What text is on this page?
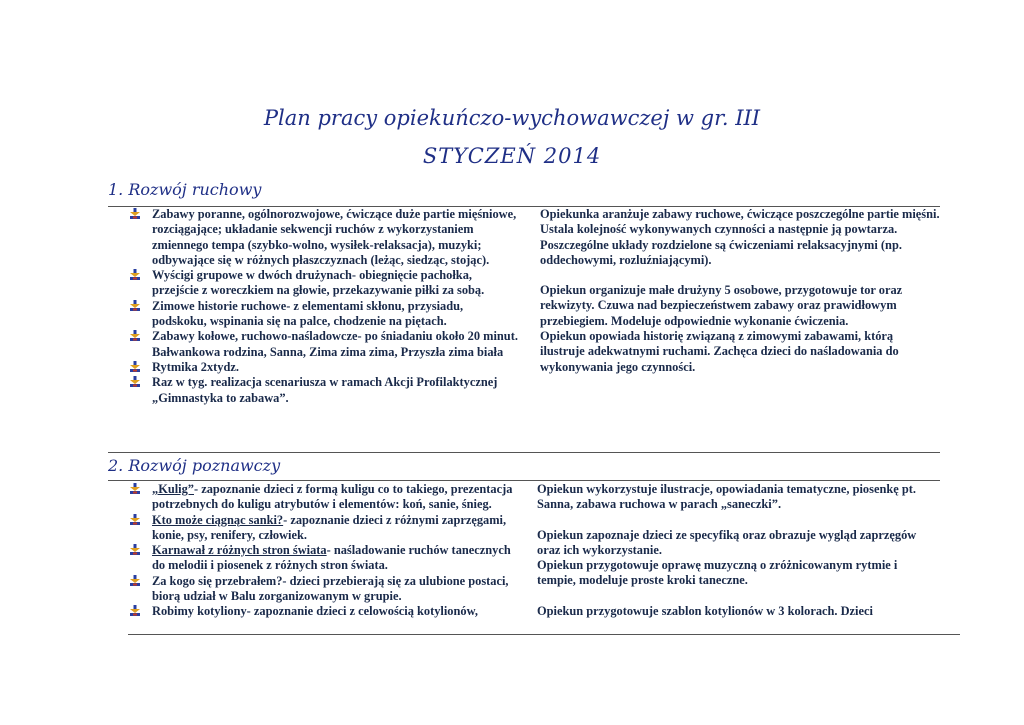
Plan pracy opiekuńczo-wychowawczej w gr. III
STYCZEŃ 2014
1. Rozwój ruchowy
Zabawy poranne, ogólnorozwojowe, ćwiczące duże partie mięśniowe, rozciągające; układanie sekwencji ruchów z wykorzystaniem zmiennego tempa (szybko-wolno, wysiłek-relaksacja), muzyki; odbywające się w różnych płaszczyznach (leżąc, siedząc, stojąc).
Wyścigi grupowe w dwóch drużynach- obiegnięcie pachołka, przejście z woreczkiem na głowie, przekazywanie piłki za sobą.
Zimowe historie ruchowe- z elementami skłonu, przysiadu, podskoku, wspinania się na palce, chodzenie na piętach.
Zabawy kołowe, ruchowo-naśladowcze- po śniadaniu około 20 minut. Bałwankowa rodzina, Sanna, Zima zima zima, Przyszła zima biała
Rytmika 2xtydz.
Raz w tyg. realizacja scenariusza w ramach Akcji Profilaktycznej „Gimnastyka to zabawa”.

Opiekunka aranżuje zabawy ruchowe, ćwiczące poszczególne partie mięśni. Ustala kolejność wykonywanych czynności a następnie ją powtarza. Poszczególne układy rozdzielone są ćwiczeniami relaksacyjnymi (np. oddechowymi, rozluźniającymi).

Opiekun organizuje małe drużyny 5 osobowe, przygotowuje tor oraz rekwizyty. Czuwa nad bezpieczeństwem zabawy oraz prawidłowym przebiegiem. Modeluje odpowiednie wykonanie ćwiczenia.

Opiekun opowiada historię związaną z zimowymi zabawami, którą ilustruje adekwatnymi ruchami. Zachęca dzieci do naśladowania do wykonywania jego czynności.

2. Rozwój poznawczy
„Kulig”- zapoznanie dzieci z formą kuligu co to takiego, prezentacja potrzebnych do kuligu atrybutów i elementów: koń, sanie, śnieg.
Kto może ciągnąc sanki?- zapoznanie dzieci z różnymi zaprzęgami, konie, psy, renifery, człowiek.
Karnawał z różnych stron świata- naśladowanie ruchów tanecznych do melodii i piosenek z różnych stron świata.
Za kogo się przebrałem?- dzieci przebierają się za ulubione postaci, biorą udział w Balu zorganizowanym w grupie.
Robimy kotyliony- zapoznanie dzieci z celowością kotylionów,

Opiekun wykorzystuje ilustracje, opowiadania tematyczne, piosenkę pt. Sanna, zabawa ruchowa w parach „saneczki”.

Opiekun zapoznaje dzieci ze specyfiką oraz obrazuje wygląd zaprzęgów oraz ich wykorzystanie.

Opiekun przygotowuje oprawę muzyczną o zróżnicowanym rytmie i tempie, modeluje proste kroki taneczne.

Opiekun przygotowuje szablon kotylionów w 3 kolorach. Dzieci
